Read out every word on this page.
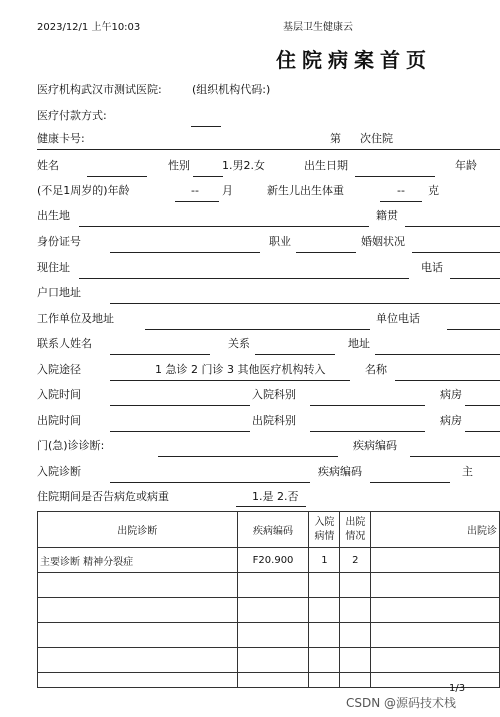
2023/12/1 上午10:03	基层卫生健康云
住院病案首页
医疗机构武汉市测试医院:	(组织机构代码:)
医疗付款方式:
健康卡号:	第 次住院
姓名	性别	1.男2.女	出生日期	年龄
(不足1周岁的)年龄	-- 月	新生儿出生体重	-- 克
出生地	籍贯
身份证号	职业	婚姻状况
现住址	电话
户口地址
工作单位及地址	单位电话
联系人姓名	关系	地址
入院途径	1 急诊 2 门诊 3 其他医疗机构转入	名称
入院时间	入院科别	病房
出院时间	出院科别	病房
门(急)诊诊断:	疾病编码
入院诊断	疾病编码	主
住院期间是否告病危或病重	1.是 2.否
出院诊断	疾病编码	入院病情	出院情况	出院诊
主要诊断 精神分裂症	F20.900	1	2	

1/3
CSDN @源码技术栈
